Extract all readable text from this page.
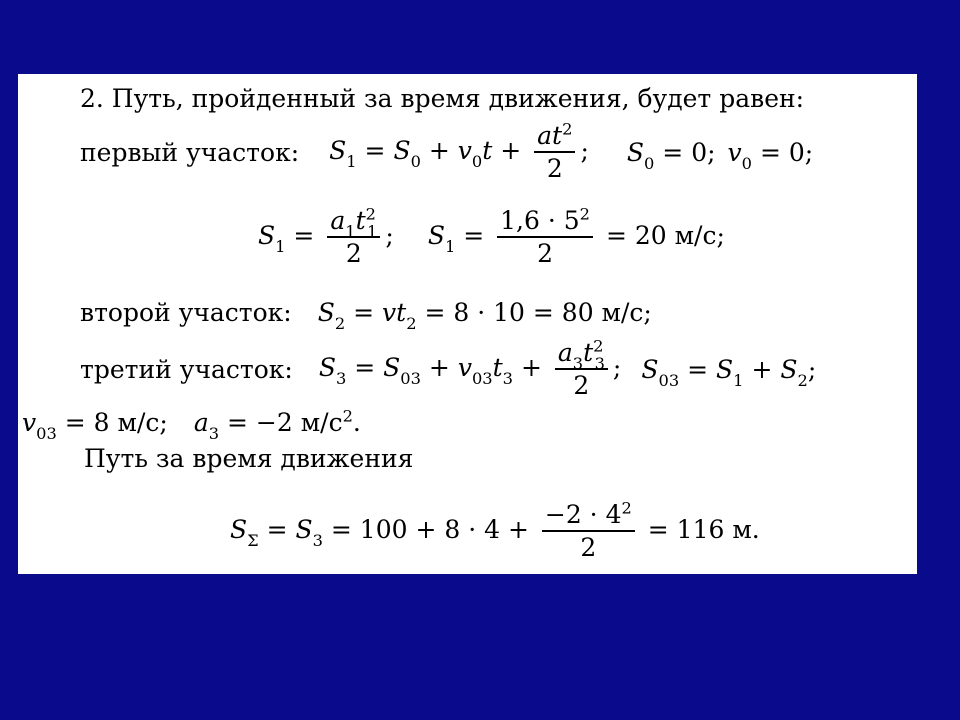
2. Путь, пройденный за время движения, будет равен:
первый участок: $S_1 = S_0 + v_0t + \frac{at^2}{2}$ ; $S_0 = 0$; $v_0 = 0$;
$S_1 = \frac{a_1t^2_1}{2}$ ; $S_1 = \frac{1,6 \cdot 5^2}{2} = 20$ м/с;
второй участок: $S_2 = vt_2 = 8 \cdot 10 = 80$ м/с;
третий участок: $S_3 = S_{03} + v_{03}t_3 + \frac{a_3t^2_3}{2}$ ; $S_{03} = S_1 + S_2$;
$v_{03} = 8$ м/с; $a_3 = -2$ $м/с^2$.
Путь за время движения
$S_\Sigma = S_3 = 100 + 8 \cdot 4 + \frac{-2 \cdot 4^2}{2} = 116$ м.
